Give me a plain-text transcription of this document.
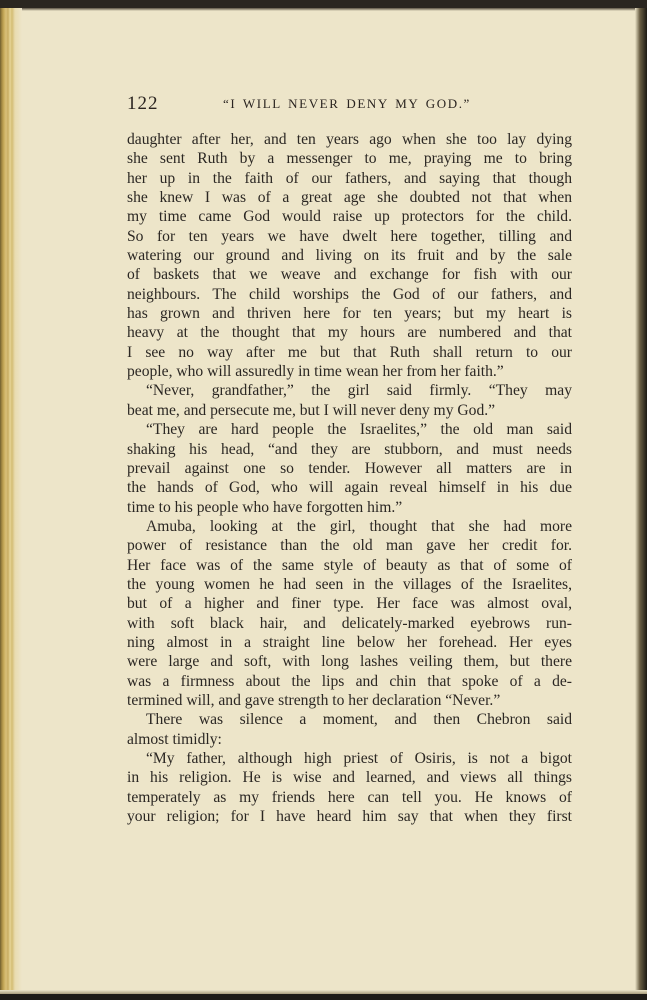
122	“I WILL NEVER DENY MY GOD.”
daughter after her, and ten years ago when she too lay dying
she sent Ruth by a messenger to me, praying me to bring
her up in the faith of our fathers, and saying that though
she knew I was of a great age she doubted not that when
my time came God would raise up protectors for the child.
So for ten years we have dwelt here together, tilling and
watering our ground and living on its fruit and by the sale
of baskets that we weave and exchange for fish with our
neighbours. The child worships the God of our fathers, and
has grown and thriven here for ten years; but my heart is
heavy at the thought that my hours are numbered and that
I see no way after me but that Ruth shall return to our
people, who will assuredly in time wean her from her faith.”
“Never, grandfather,” the girl said firmly. “They may
beat me, and persecute me, but I will never deny my God.”
“They are hard people the Israelites,” the old man said
shaking his head, “and they are stubborn, and must needs
prevail against one so tender. However all matters are in
the hands of God, who will again reveal himself in his due
time to his people who have forgotten him.”
Amuba, looking at the girl, thought that she had more
power of resistance than the old man gave her credit for.
Her face was of the same style of beauty as that of some of
the young women he had seen in the villages of the Israelites,
but of a higher and finer type. Her face was almost oval,
with soft black hair, and delicately-marked eyebrows run-
ning almost in a straight line below her forehead. Her eyes
were large and soft, with long lashes veiling them, but there
was a firmness about the lips and chin that spoke of a de-
termined will, and gave strength to her declaration “Never.”
There was silence a moment, and then Chebron said
almost timidly:
“My father, although high priest of Osiris, is not a bigot
in his religion. He is wise and learned, and views all things
temperately as my friends here can tell you. He knows of
your religion; for I have heard him say that when they first
